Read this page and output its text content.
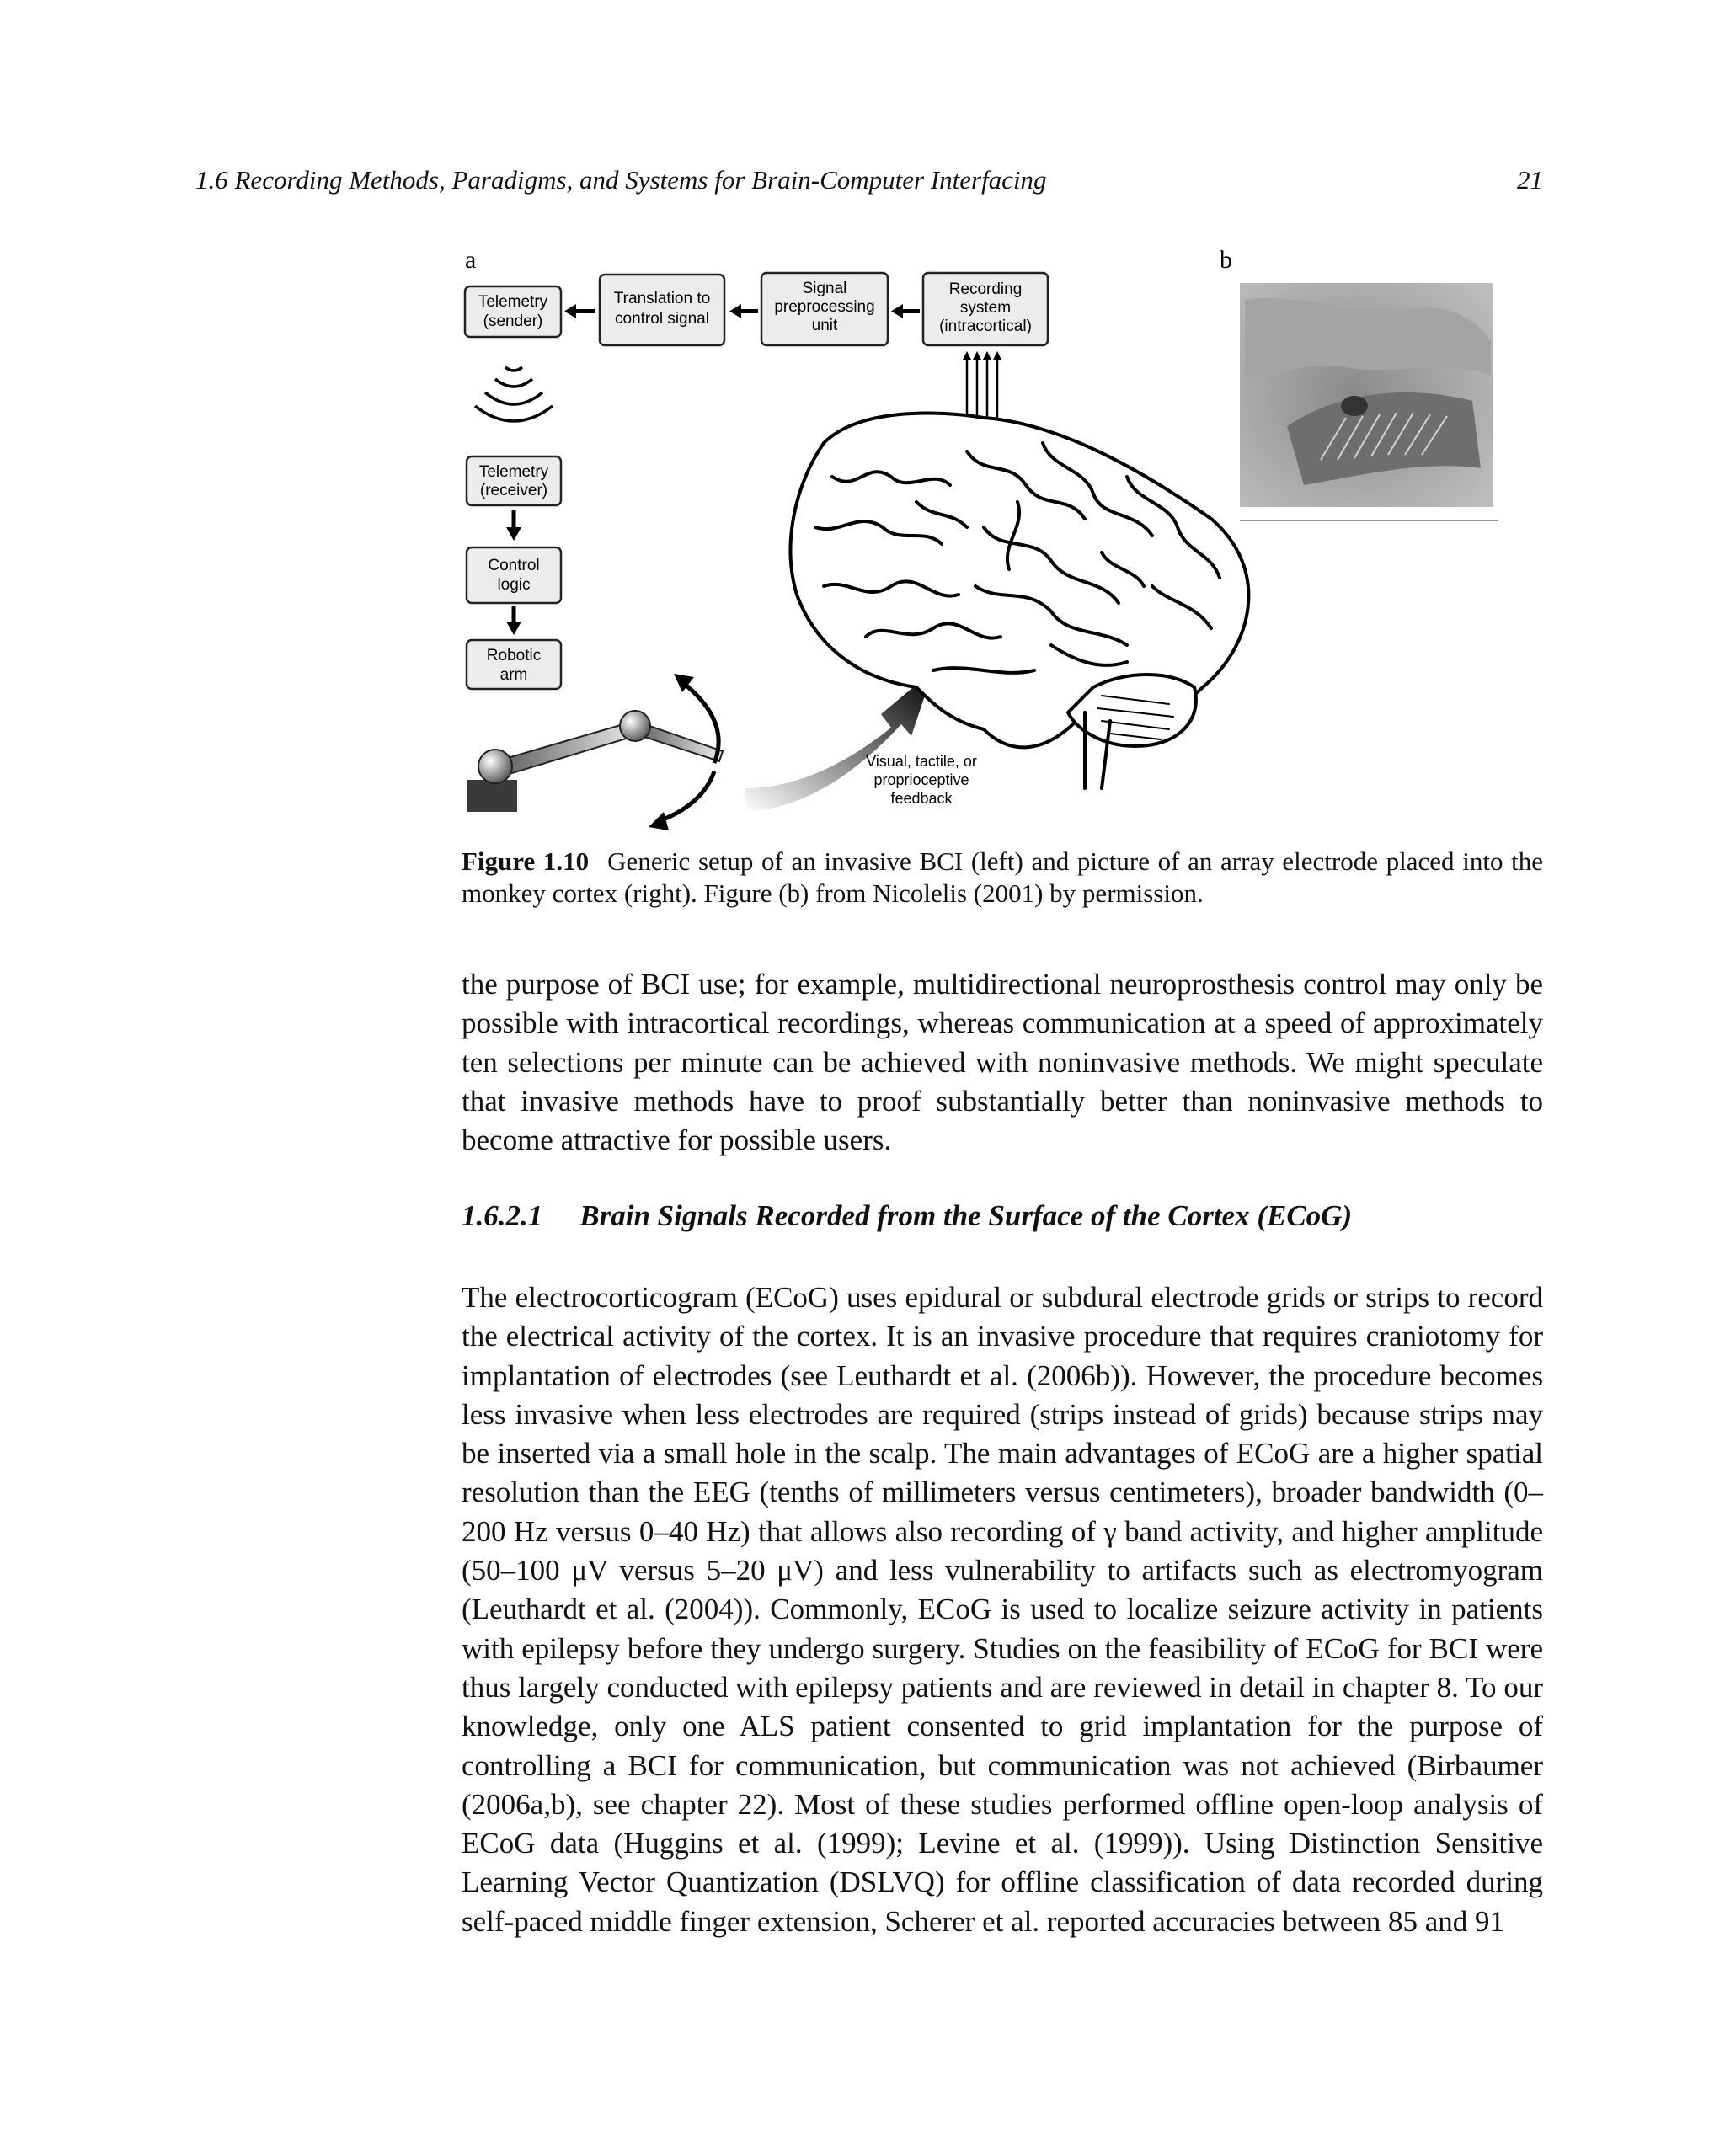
1.6 Recording Methods, Paradigms, and Systems for Brain-Computer Interfacing	21
a	b
Telemetry
(sender)
Translation to
control signal
Signal
preprocessing
unit
Recording
system
(intracortical)
Telemetry
(receiver)
Control
logic
Robotic
arm
Visual, tactile, or
proprioceptive
feedback
Figure 1.10 Generic setup of an invasive BCI (left) and picture of an array electrode placed into the monkey cortex (right). Figure (b) from Nicolelis (2001) by permission.

the purpose of BCI use; for example, multidirectional neuroprosthesis control may only be possible with intracortical recordings, whereas communication at a speed of approximately ten selections per minute can be achieved with noninvasive methods. We might speculate that invasive methods have to proof substantially better than noninvasive methods to become attractive for possible users.

1.6.2.1 Brain Signals Recorded from the Surface of the Cortex (ECoG)

The electrocorticogram (ECoG) uses epidural or subdural electrode grids or strips to record the electrical activity of the cortex. It is an invasive procedure that requires craniotomy for implantation of electrodes (see Leuthardt et al. (2006b)). However, the procedure becomes less invasive when less electrodes are required (strips instead of grids) because strips may be inserted via a small hole in the scalp. The main advantages of ECoG are a higher spatial resolution than the EEG (tenths of millimeters versus centimeters), broader bandwidth (0–200 Hz versus 0–40 Hz) that allows also recording of γ band activity, and higher amplitude (50–100 μV versus 5–20 μV) and less vulnerability to artifacts such as electromyogram (Leuthardt et al. (2004)). Commonly, ECoG is used to localize seizure activity in patients with epilepsy before they undergo surgery. Studies on the feasibility of ECoG for BCI were thus largely conducted with epilepsy patients and are reviewed in detail in chapter 8. To our knowledge, only one ALS patient consented to grid implantation for the purpose of controlling a BCI for communication, but communication was not achieved (Birbaumer (2006a,b), see chapter 22). Most of these studies performed offline open-loop analysis of ECoG data (Huggins et al. (1999); Levine et al. (1999)). Using Distinction Sensitive Learning Vector Quantization (DSLVQ) for offline classification of data recorded during self-paced middle finger extension, Scherer et al. reported accuracies between 85 and 91
